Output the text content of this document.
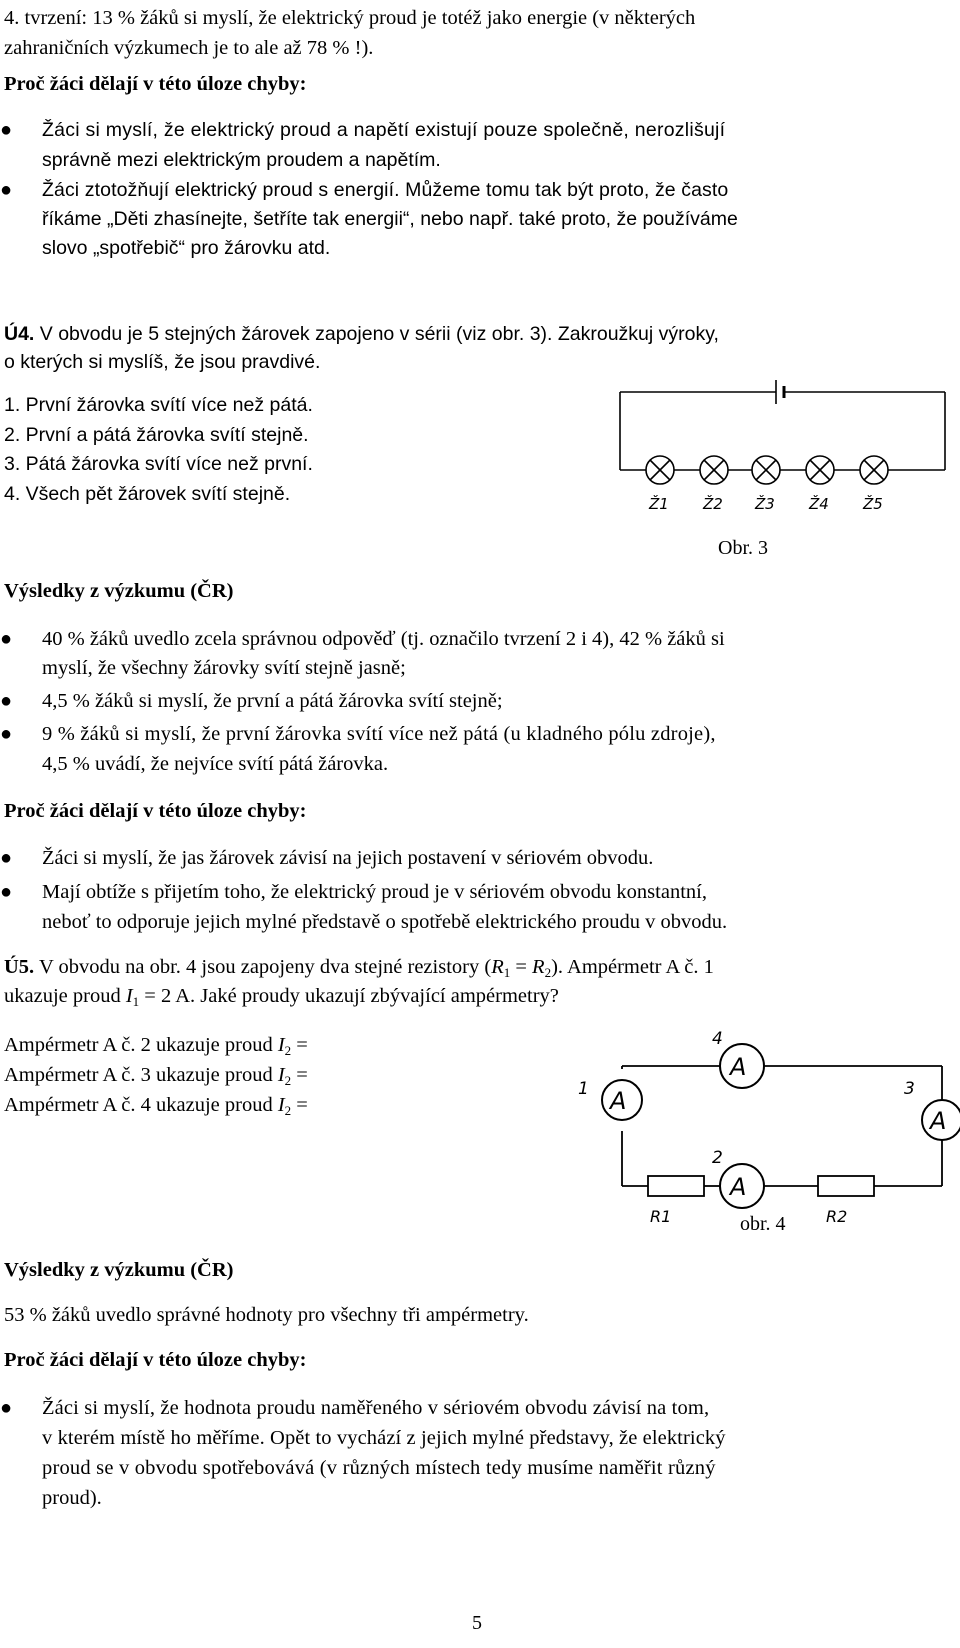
4. tvrzení: 13 % žáků si myslí, že elektrický proud je totéž jako energie (v některých
zahraničních výzkumech je to ale až 78 % !).
Proč žáci dělají v této úloze chyby:
● Žáci si myslí, že elektrický proud a napětí existují pouze společně, nerozlišují
správně mezi elektrickým proudem a napětím.
● Žáci ztotožňují elektrický proud s energií. Můžeme tomu tak být proto, že často
říkáme „Děti zhasínejte, šetříte tak energii“, nebo např. také proto, že používáme
slovo „spotřebič“ pro žárovku atd.
Ú4. V obvodu je 5 stejných žárovek zapojeno v sérii (viz obr. 3). Zakroužkuj výroky,
o kterých si myslíš, že jsou pravdivé.
1. První žárovka svítí více než pátá.
2. První a pátá žárovka svítí stejně.
3. Pátá žárovka svítí více než první.
4. Všech pět žárovek svítí stejně.	Ž1 Ž2 Ž3 Ž4 Ž5
Obr. 3
Výsledky z výzkumu (ČR)
● 40 % žáků uvedlo zcela správnou odpověď (tj. označilo tvrzení 2 i 4), 42 % žáků si
myslí, že všechny žárovky svítí stejně jasně;
● 4,5 % žáků si myslí, že první a pátá žárovka svítí stejně;
● 9 % žáků si myslí, že první žárovka svítí více než pátá (u kladného pólu zdroje),
4,5 % uvádí, že nejvíce svítí pátá žárovka.
Proč žáci dělají v této úloze chyby:
● Žáci si myslí, že jas žárovek závisí na jejich postavení v sériovém obvodu.
● Mají obtíže s přijetím toho, že elektrický proud je v sériovém obvodu konstantní,
neboť to odporuje jejich mylné představě o spotřebě elektrického proudu v obvodu.
Ú5. V obvodu na obr. 4 jsou zapojeny dva stejné rezistory $(R_1 = R_2)$. Ampérmetr A č. 1
ukazuje proud $I_1 = 2$ A. Jaké proudy ukazují zbývající ampérmetry?
Ampérmetr A č. 2 ukazuje proud $I_2$ =
Ampérmetr A č. 3 ukazuje proud $I_2$ =
Ampérmetr A č. 4 ukazuje proud $I_2$ =	A
1
A
4
A
3
A
2
R1	R2
obr. 4
Výsledky z výzkumu (ČR)
53 % žáků uvedlo správné hodnoty pro všechny tři ampérmetry.
Proč žáci dělají v této úloze chyby:
● Žáci si myslí, že hodnota proudu naměřeného v sériovém obvodu závisí na tom,
v kterém místě ho měříme. Opět to vychází z jejich mylné představy, že elektrický
proud se v obvodu spotřebovává (v různých místech tedy musíme naměřit různý
proud).
5
